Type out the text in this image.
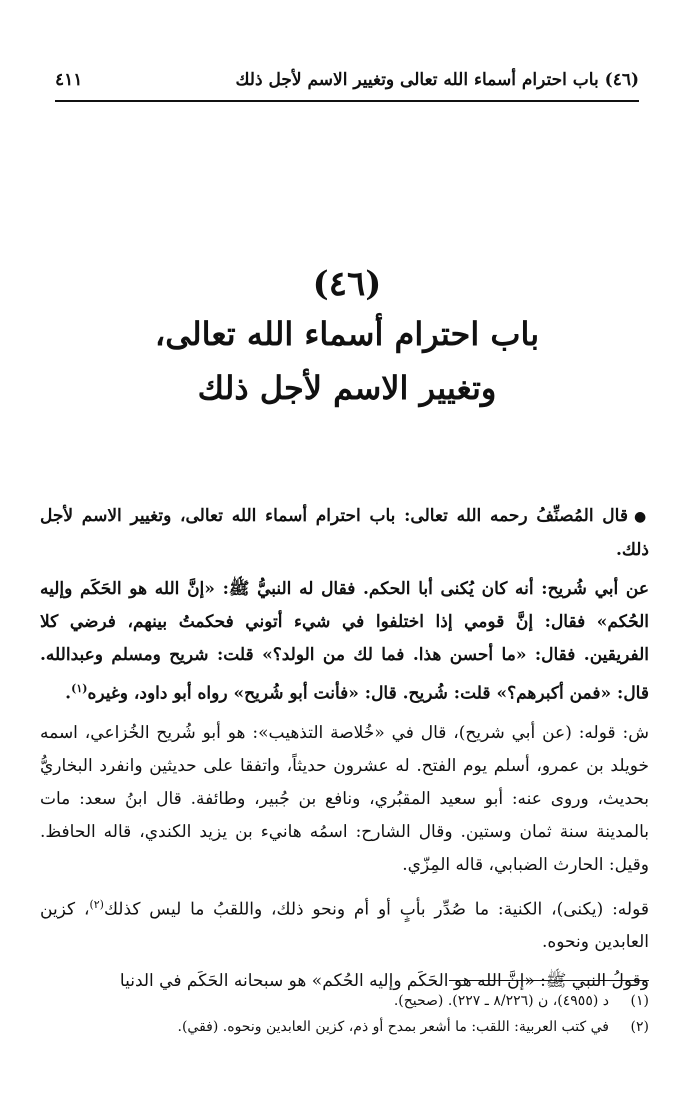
(٤٦) باب احترام أسماء الله تعالى وتغيير الاسم لأجل ذلك
٤١١
(٤٦)
باب احترام أسماء الله تعالى،
وتغيير الاسم لأجل ذلك

●قال المُصنِّفُ رحمه الله تعالى: باب احترام أسماء الله تعالى، وتغيير الاسم لأجل ذلك.

عن أبي شُريح: أنه كان يُكنى أبا الحكم. فقال له النبيُّ ﷺ: «إنَّ الله هو الحَكَم وإليه الحُكم» فقال: إنَّ قومي إذا اختلفوا في شيء أتوني فحكمتُ بينهم، فرضي كلا الفريقين. فقال: «ما أحسن هذا. فما لك من الولد؟» قلت: شريح ومسلم وعبدالله. قال: «فمن أكبرهم؟» قلت: شُريح. قال: «فأنت أبو شُريح» رواه أبو داود، وغيره$^{(١)}$.

ش: قوله: (عن أبي شريح)، قال في «خُلاصة التذهيب»: هو أبو شُريح الخُزاعي، اسمه خويلد بن عمرو، أسلم يوم الفتح. له عشرون حديثاً، واتفقا على حديثين وانفرد البخاريُّ بحديث، وروى عنه: أبو سعيد المقبُري، ونافع بن جُبير، وطائفة. قال ابنُ سعد: مات بالمدينة سنة ثمان وستين. وقال الشارح: اسمُه هانيء بن يزيد الكندي، قاله الحافظ. وقيل: الحارث الضبابي، قاله المِزّي.

قوله: (يكنى)، الكنية: ما صُدِّر بأبٍ أو أم ونحو ذلك، واللقبُ ما ليس كذلك$^{(٢)}$، كزين العابدين ونحوه.

وقولُ النبي ﷺ: «إنَّ الله هو الحَكَم وإليه الحُكم» هو سبحانه الحَكَم في الدنيا

(١)
د (٤٩٥٥)، ن (٨/٢٢٦ ـ ٢٢٧). (صحيح).
(٢)
في كتب العربية: اللقب: ما أشعر بمدح أو ذم، كزين العابدين ونحوه. (فقي).
